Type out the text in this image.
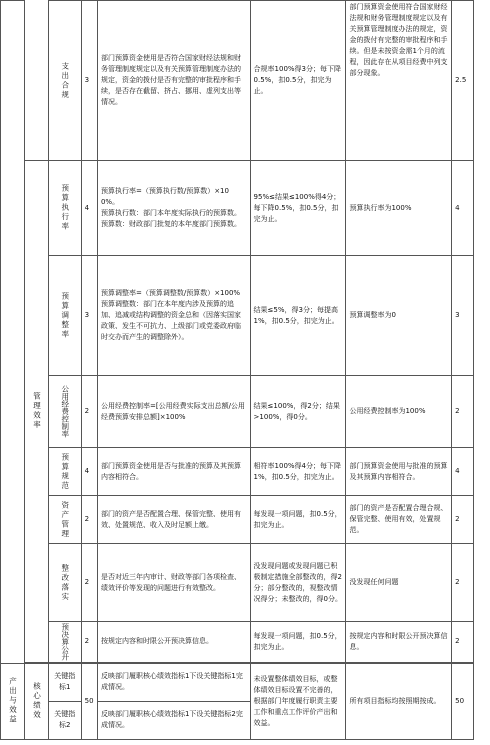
		支出合规	3	部门预算资金使用是否符合国家财经法规和财务管理制度规定以及有关预算管理制度办法的规定，资金的拨付是否有完整的审批程序和手续，是否存在截留、挤占、挪用、虚列支出等情况。	合规率100%得3分；每下降0.5%，扣0.5分，扣完为止。	部门预算资金使用符合国家财经法规和财务管理制度规定以及有关预算管理制度办法的规定，资金的拨付有完整的审批程序和手续。但是未按资金需1个月的流程，因此存在从项目经费中列支部分现象。	2.5

	管理效率	预算执行率	4	预算执行率=（预算执行数/预算数）×100%。
预算执行数：部门本年度实际执行的预算数。
预算数：财政部门批复的本年度部门预算数。	95%≤结果≤100%得4分；每下降0.5%，扣0.5分，扣完为止。	预算执行率为100%	4

		预算调整率	3	预算调整率=（预算调整数/预算数）×100%
预算调整数：部门在本年度内涉及预算的追加、追减或结构调整的资金总和（因落实国家政策、发生不可抗力、上级部门或党委政府临时交办而产生的调整除外）。	结果≤5%，得3分；每提高1%，扣0.5分，扣完为止。	预算调整率为0	3

		公用经费控制率	2	公用经费控制率=[公用经费实际支出总额/公用经费预算安排总额]×100%	结果≤100%，得2分；结果>100%，得0分。	公用经费控制率为100%	2

		预算规范	4	部门预算资金使用是否与批准的预算及其预算内容相符合。	相符率100%得4分；每下降1%，扣0.5分，扣完为止。	部门预算资金使用与批准的预算及其预算内容相符合。	4

		资产管理	2	部门的资产是否配置合理、保管完整、使用有效、处置规范、收入及时足额上缴。	每发现一项问题，扣0.5分，扣完为止。	部门的资产是否配置合理合规、保管完整、使用有效，处置规范。	2

		整改落实	2	是否对近三年内审计、财政等部门各项检查、绩效评价等发现的问题进行有效整改。	没发现问题或发现问题已积极制定措施全部整改的，得2分；部分整改的，视整改情况得分；未整改的，得0分。	没发现任何问题	2

		预决算公开	2	按规定内容和时限公开预决算信息。	每发现一项问题，扣0.5分，扣完为止。	按规定内容和时限公开预决算信息。	2

产出与效益	核心绩效	关键指标1	50	反映部门履职核心绩效指标1下设关键指标1完成情况。	未设置整体绩效目标，或整体绩效目标设置不完善的，根据部门年度履行职责主要工作和重点工作评价产出和效益。	所有项目指标均按照期按成。	50
		关键指标2		反映部门履职核心绩效指标1下设关键指标2完成情况。			
